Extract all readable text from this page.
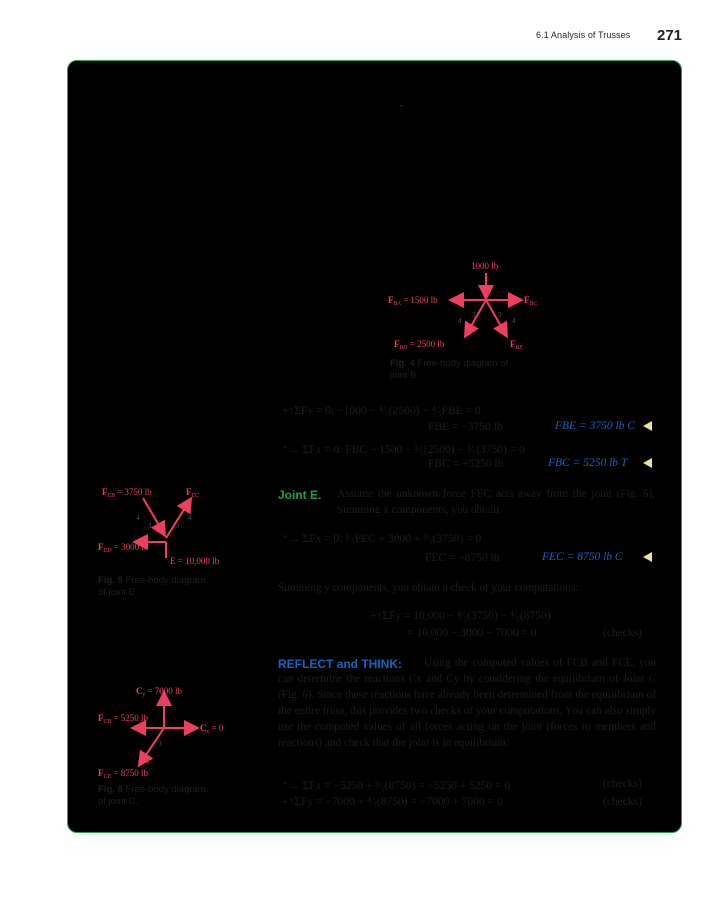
6.1 Analysis of Trusses 271
-
1000 lb
$F_{BA} = 1500$ lb	$F_{BC}$
$F_{BD} = 2500$ lb	$F_{BE}$
4
3
4
3
Fig. 4 Free-body diagram of
joint B.
+↑ΣFy = 0: −1000 − ⁴⁄₅(2500) − ⁴⁄₅FBE = 0
FBE = −3750 lb	FBE = 3750 lb C
⁺→ ΣFx = 0: FBC − 1500 − ³⁄₅(2500) − ³⁄₅(3750) = 0
FBC = +5250 lb	FBC = 5250 lb T
$F_{EB} = 3750$ lb	$F_{EC}$
$F_{ED} = 3000$ lb
E = 10,000 lb
4
3
4
3
Fig. 5 Free-body diagram
of joint E.
Joint E. Assume the unknown force FEC acts away from the joint (Fig. 5). Summing x components, you obtain
⁺→ ΣFx = 0: ³⁄₅FEC + 3000 + ³⁄₅(3750) = 0
FEC = −8750 lb	FEC = 8750 lb C
Summing y components, you obtain a check of your computations:
+↑ΣFy = 10,000 − ⁴⁄₅(3750) − ⁴⁄₅(8750)
= 10,000 − 3000 − 7000 = 0	(checks)
$C_y = 7000$ lb
$F_{CB} = 5250$ lb
$C_x = 0$
$F_{CE} = 8750$ lb
3
4
Fig. 6 Free-body diagram
of joint C.
REFLECT and THINK:	Using the computed values of FCB and FCE, you can determine the reactions Cx and Cy by considering the equilibrium of Joint C (Fig. 6). Since these reactions have already been determined from the equilibrium of the entire truss, this provides two checks of your computations. You can also simply use the computed values of all forces acting on the joint (forces in members and reactions) and check that the joint is in equilibrium:
⁺→ ΣFx = −5250 + ³⁄₅(8750) = −5250 + 5250 = 0	(checks)
+↑ΣFy = −7000 + ⁴⁄₅(8750) = −7000 + 7000 = 0	(checks)
